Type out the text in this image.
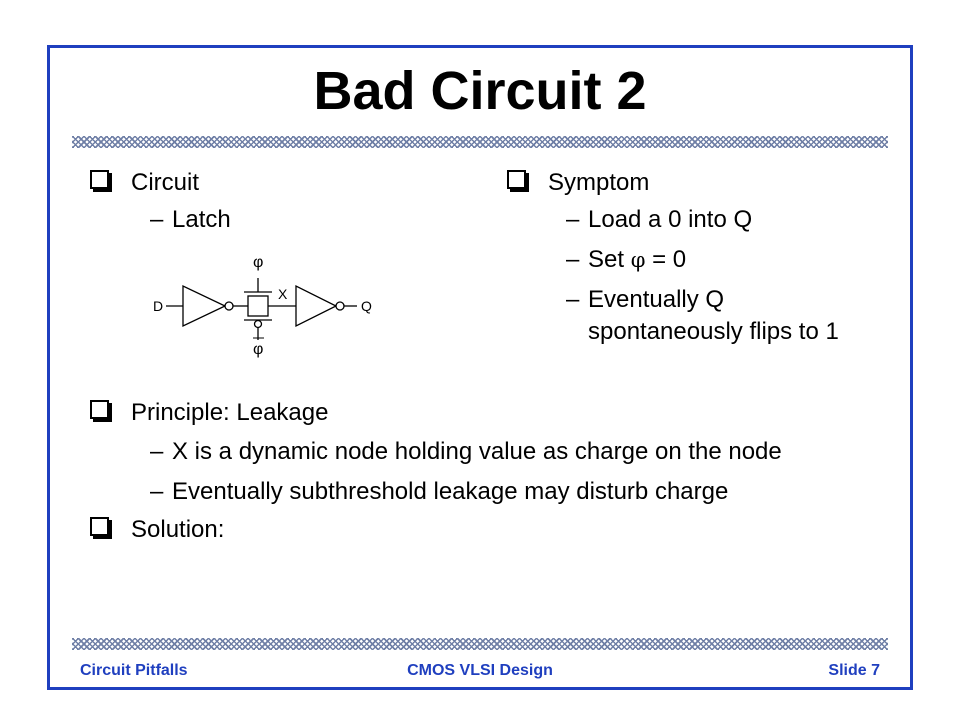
Bad Circuit 2
Circuit
– Latch
D
φ
φ
X
Q
Symptom
– Load a 0 into Q
– Set φ = 0
– Eventually Q
spontaneously flips to 1
Principle: Leakage
– X is a dynamic node holding value as charge on the node
– Eventually subthreshold leakage may disturb charge
Solution:
Circuit Pitfalls	CMOS VLSI Design	Slide 7
